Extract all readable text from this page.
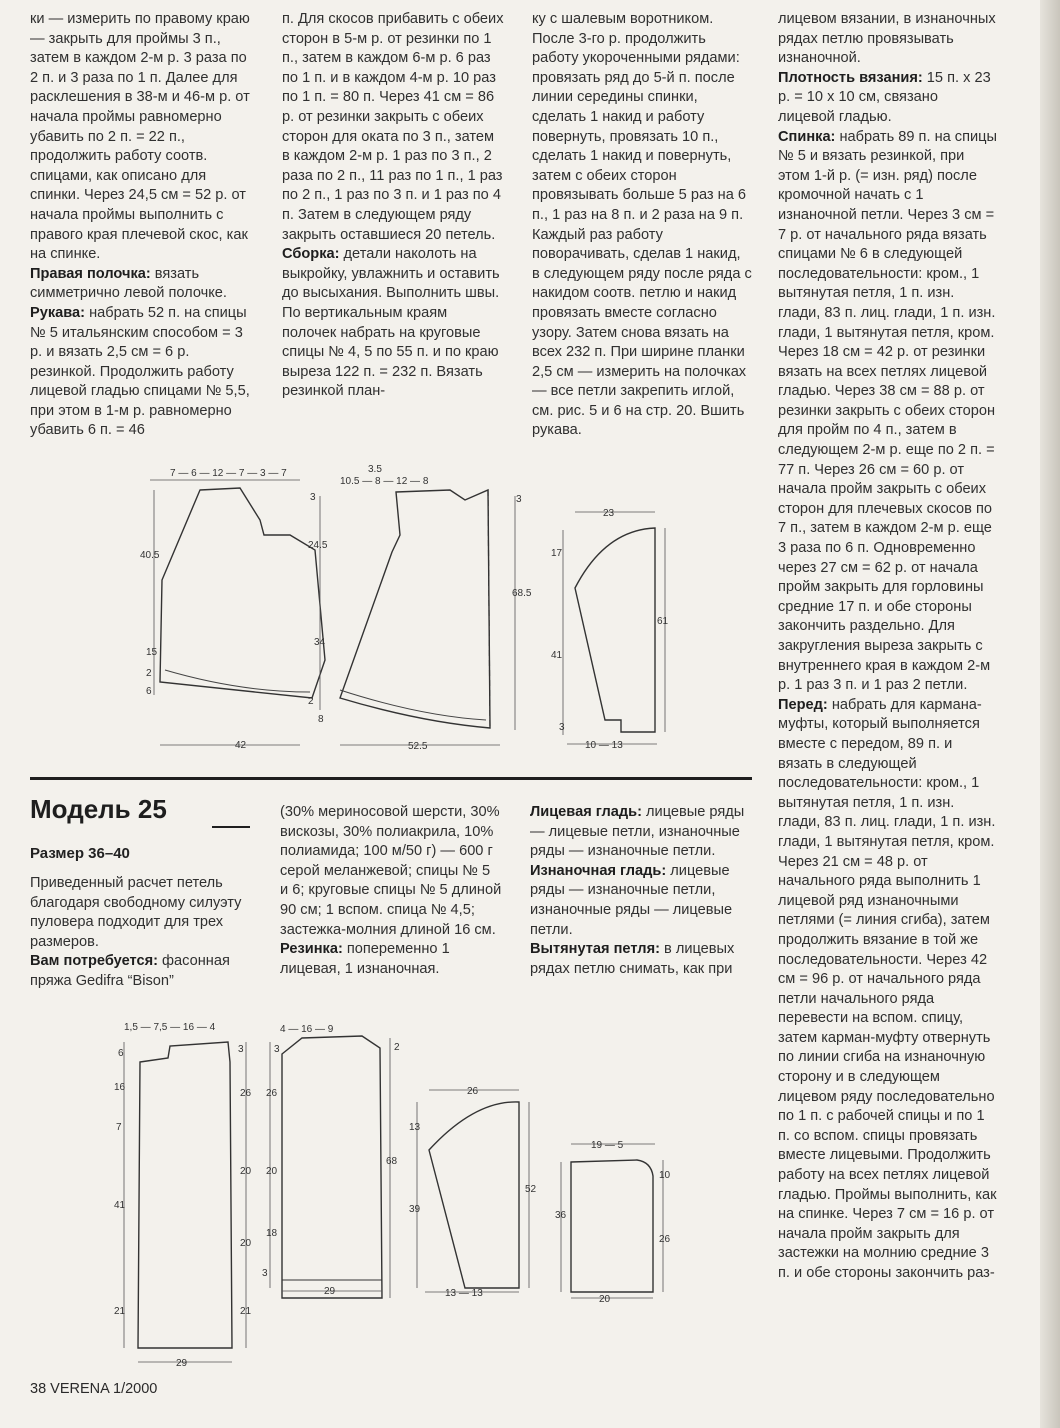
ки — измерить по правому краю — закрыть для проймы 3 п., затем в каждом 2-м р. 3 раза по 2 п. и 3 раза по 1 п. Далее для расклешения в 38-м и 46-м р. от начала проймы равномерно убавить по 2 п. = 22 п., продолжить работу соотв. спицами, как описано для спинки. Через 24,5 см = 52 р. от начала проймы выполнить с правого края плечевой скос, как на спинке.
Правая полочка: вязать симметрично левой полочке.
Рукава: набрать 52 п. на спицы № 5 итальянским способом = 3 р. и вязать 2,5 см = 6 р. резинкой. Продолжить работу лицевой гладью спицами № 5,5, при этом в 1-м р. равномерно убавить 6 п. = 46
п. Для скосов прибавить с обеих сторон в 5-м р. от резинки по 1 п., затем в каждом 6-м р. 6 раз по 1 п. и в каждом 4-м р. 10 раз по 1 п. = 80 п. Через 41 см = 86 р. от резинки закрыть с обеих сторон для оката по 3 п., затем в каждом 2-м р. 1 раз по 3 п., 2 раза по 2 п., 11 раз по 1 п., 1 раз по 2 п., 1 раз по 3 п. и 1 раз по 4 п. Затем в следующем ряду закрыть оставшиеся 20 петель.
Сборка: детали наколоть на выкройку, увлажнить и оставить до высыхания. Выполнить швы. По вертикальным краям полочек набрать на круговые спицы № 4, 5 по 55 п. и по краю выреза 122 п. = 232 п. Вязать резинкой план-
ку с шалевым воротником. После 3-го р. продолжить работу укороченными рядами: провязать ряд до 5-й п. после линии середины спинки, сделать 1 накид и работу повернуть, провязать 10 п., сделать 1 накид и повернуть, затем с обеих сторон провязывать больше 5 раз на 6 п., 1 раз на 8 п. и 2 раза на 9 п. Каждый раз работу поворачивать, сделав 1 накид, в следующем ряду после ряда с накидом соотв. петлю и накид провязать вместе согласно узору. Затем снова вязать на всех 232 п. При ширине планки 2,5 см — измерить на полочках — все петли закрепить иглой, см. рис. 5 и 6 на стр. 20. Вшить рукава.
лицевом вязании, в изнаночных рядах петлю провязывать изнаночной.
Плотность вязания: 15 п. х 23 р. = 10 х 10 см, связано лицевой гладью.
Спинка: набрать 89 п. на спицы № 5 и вязать резинкой, при этом 1-й р. (= изн. ряд) после кромочной начать с 1 изнаночной петли. Через 3 см = 7 р. от начального ряда вязать спицами № 6 в следующей последовательности: кром., 1 вытянутая петля, 1 п. изн. глади, 83 п. лиц. глади, 1 п. изн. глади, 1 вытянутая петля, кром. Через 18 см = 42 р. от резинки вязать на всех петлях лицевой гладью. Через 38 см = 88 р. от резинки закрыть с обеих сторон для пройм по 4 п., затем в следующем 2-м р. еще по 2 п. = 77 п. Через 26 см = 60 р. от начала пройм закрыть с обеих сторон для плечевых скосов по 7 п., затем в каждом 2-м р. еще 3 раза по 6 п. Одновременно через 27 см = 62 р. от начала пройм закрыть для горловины средние 17 п. и обе стороны закончить раздельно. Для закругления выреза закрыть с внутреннего края в каждом 2-м р. 1 раз 3 п. и 1 раз 2 петли.
Перед: набрать для кармана-муфты, который выполняется вместе с передом, 89 п. и вязать в следующей последовательности: кром., 1 вытянутая петля, 1 п. изн. глади, 83 п. лиц. глади, 1 п. изн. глади, 1 вытянутая петля, кром. Через 21 см = 48 р. от начального ряда выполнить 1 лицевой ряд изнаночными петлями (= линия сгиба), затем продолжить вязание в той же последовательности. Через 42 см = 96 р. от начального ряда петли начального ряда перевести на вспом. спицу, затем карман-муфту отвернуть по линии сгиба на изнаночную сторону и в следующем лицевом ряду последовательно по 1 п. с рабочей спицы и по 1 п. со вспом. спицы провязать вместе лицевыми. Продолжить работу на всех петлях лицевой гладью. Проймы выполнить, как на спинке. Через 7 см = 16 р. от начала пройм закрыть для застежки на молнию средние 3 п. и обе стороны закончить раз-
7 — 6 — 12 — 7 — 3 — 7
40.5
15
2
6
42
3.5
10.5 — 8 — 12 — 8
3
24.5
34
2
8
3
68.5
52.5
23
17
41
3
61
10 — 13
Модель 25
Размер 36–40
Приведенный расчет петель благодаря свободному силуэту пуловера подходит для трех размеров.
Вам потребуется: фасонная пряжа Gedifra “Bison”
(30% мериносовой шерсти, 30% вискозы, 30% полиакрила, 10% полиамида; 100 м/50 г) — 600 г серой меланжевой; спицы № 5 и 6; круговые спицы № 5 длиной 90 см; 1 вспом. спица № 4,5; застежка-молния длиной 16 см.
Резинка: попеременно 1 лицевая, 1 изнаночная.
Лицевая гладь: лицевые ряды — лицевые петли, изнаночные ряды — изнаночные петли.
Изнаночная гладь: лицевые ряды — изнаночные петли, изнаночные ряды — лицевые петли.
Вытянутая петля: в лицевых рядах петлю снимать, как при
1,5 — 7,5 — 16 — 4
6
16
7
41
21
3
26
20
20
21
29
4 — 16 — 9
3
26
20
18
3
2
68
29
26
13
39
52
13 — 13
19 — 5
36
10
26
20
38 VERENA 1/2000
